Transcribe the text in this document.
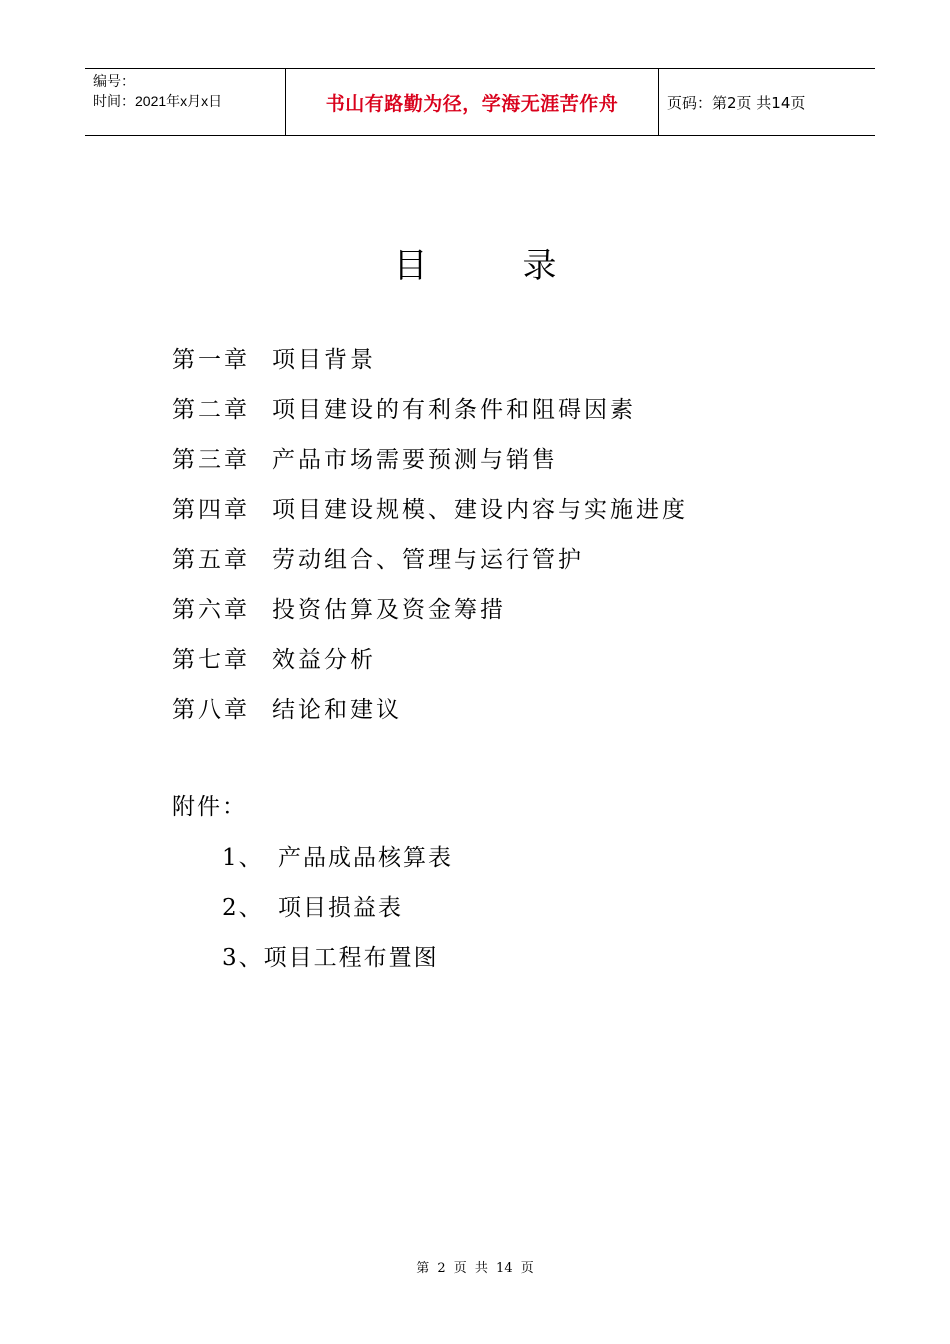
编号：
时间：2021年x月x日	书山有路勤为径，学海无涯苦作舟	页码：第2页 共14页
目	录
第一章 项目背景
第二章 项目建设的有利条件和阻碍因素
第三章 产品市场需要预测与销售
第四章 项目建设规模、建设内容与实施进度
第五章 劳动组合、管理与运行管护
第六章 投资估算及资金筹措
第七章 效益分析
第八章 结论和建议
附件：
1、 产品成品核算表
2、 项目损益表
3、项目工程布置图
第 2 页 共 14 页
